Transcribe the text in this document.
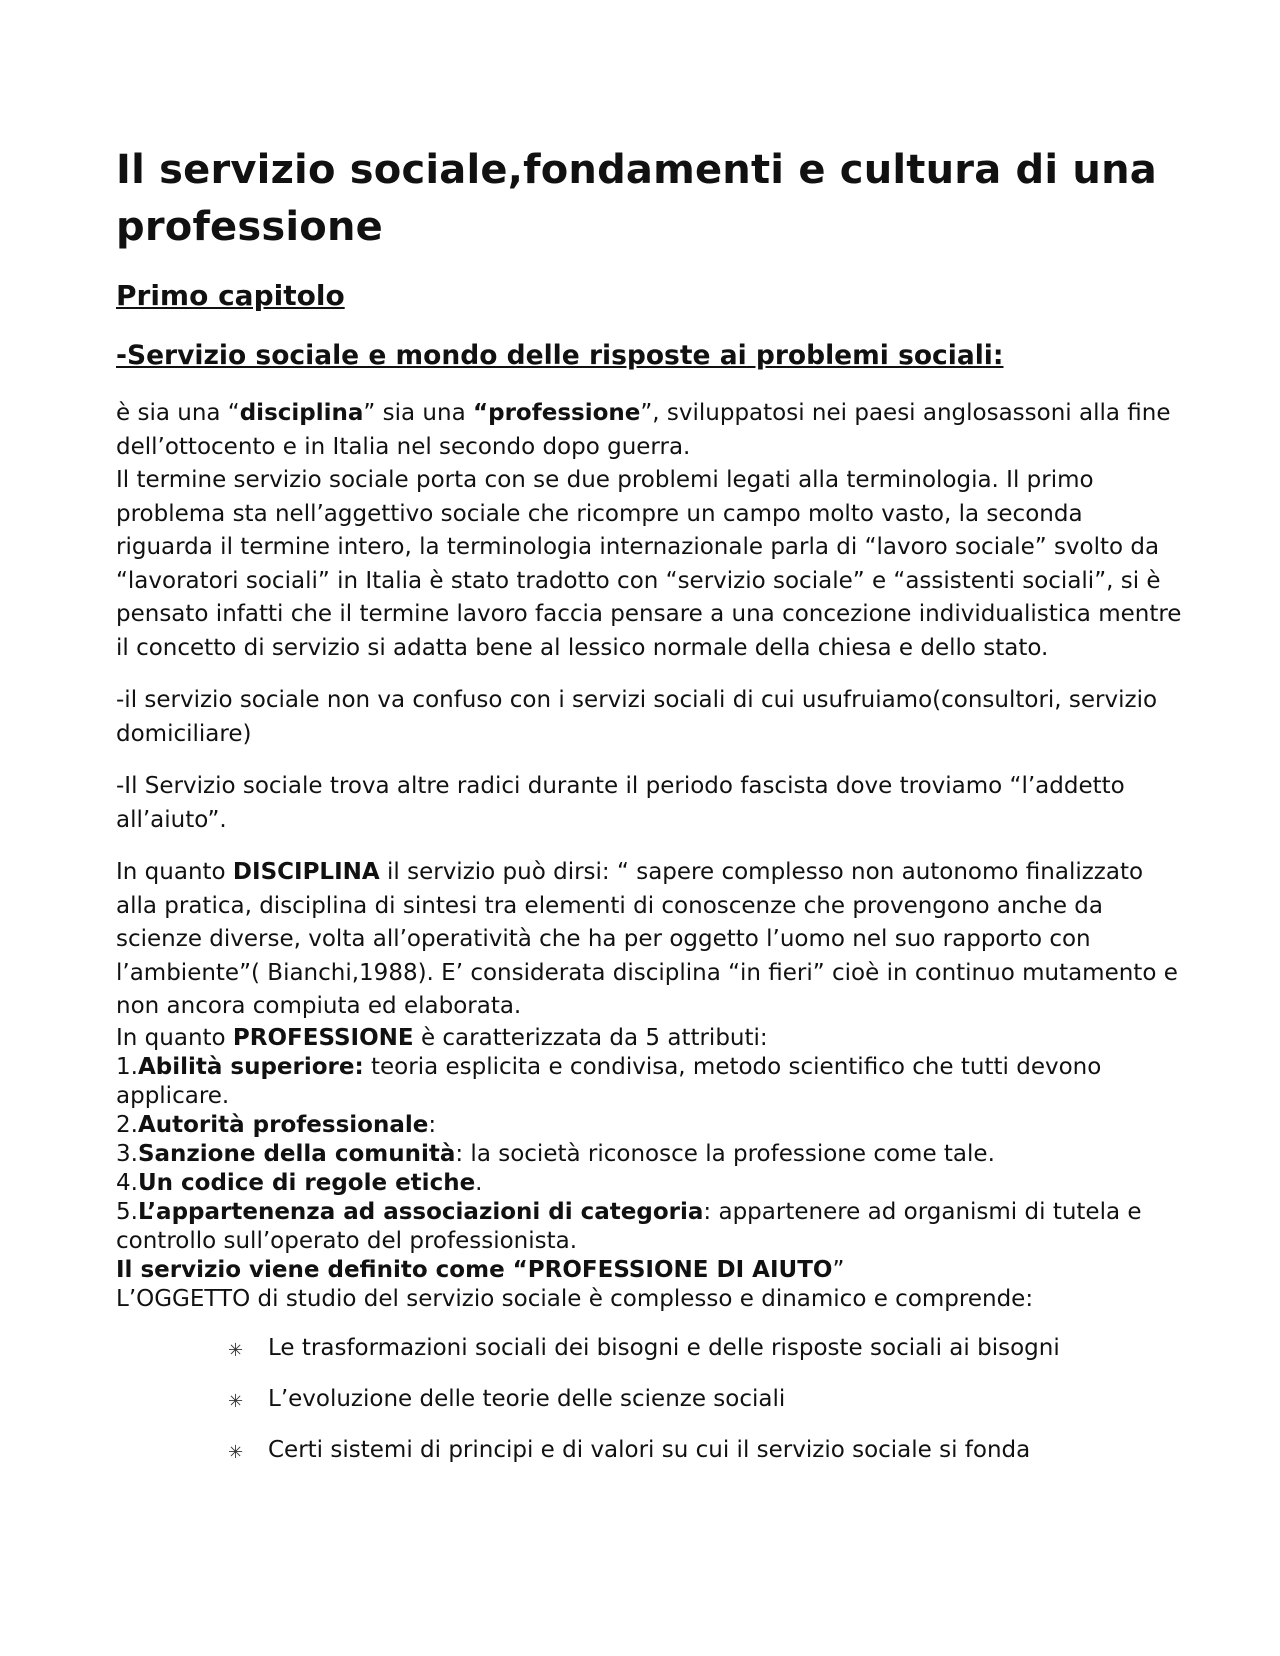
Il servizio sociale,fondamenti e cultura di una professione
Primo capitolo
-Servizio sociale e mondo delle risposte ai problemi sociali:

è sia una “disciplina” sia una “professione”, sviluppatosi nei paesi anglosassoni alla fine dell’ottocento e in Italia nel secondo dopo guerra.

Il termine servizio sociale porta con se due problemi legati alla terminologia. Il primo problema sta nell’aggettivo sociale che ricompre un campo molto vasto, la seconda riguarda il termine intero, la terminologia internazionale parla di “lavoro sociale” svolto da “lavoratori sociali” in Italia è stato tradotto con “servizio sociale” e “assistenti sociali”, si è pensato infatti che il termine lavoro faccia pensare a una concezione individualistica mentre il concetto di servizio si adatta bene al lessico normale della chiesa e dello stato.

-il servizio sociale non va confuso con i servizi sociali di cui usufruiamo(consultori, servizio domiciliare)

-Il Servizio sociale trova altre radici durante il periodo fascista dove troviamo “l’addetto all’aiuto”.

In quanto DISCIPLINA il servizio può dirsi: “ sapere complesso non autonomo finalizzato alla pratica, disciplina di sintesi tra elementi di conoscenze che provengono anche da scienze diverse, volta all’operatività che ha per oggetto l’uomo nel suo rapporto con l’ambiente”( Bianchi,1988). E’ considerata disciplina “in fieri” cioè in continuo mutamento e non ancora compiuta ed elaborata.

In quanto PROFESSIONE è caratterizzata da 5 attributi:
1.Abilità superiore: teoria esplicita e condivisa, metodo scientifico che tutti devono applicare.
2.Autorità professionale:
3.Sanzione della comunità: la società riconosce la professione come tale.
4.Un codice di regole etiche.
5.L’appartenenza ad associazioni di categoria: appartenere ad organismi di tutela e controllo sull’operato del professionista.
Il servizio viene definito come “PROFESSIONE DI AIUTO”
L’OGGETTO di studio del servizio sociale è complesso e dinamico e comprende:
✳ Le trasformazioni sociali dei bisogni e delle risposte sociali ai bisogni
✳ L’evoluzione delle teorie delle scienze sociali
✳ Certi sistemi di principi e di valori su cui il servizio sociale si fonda
